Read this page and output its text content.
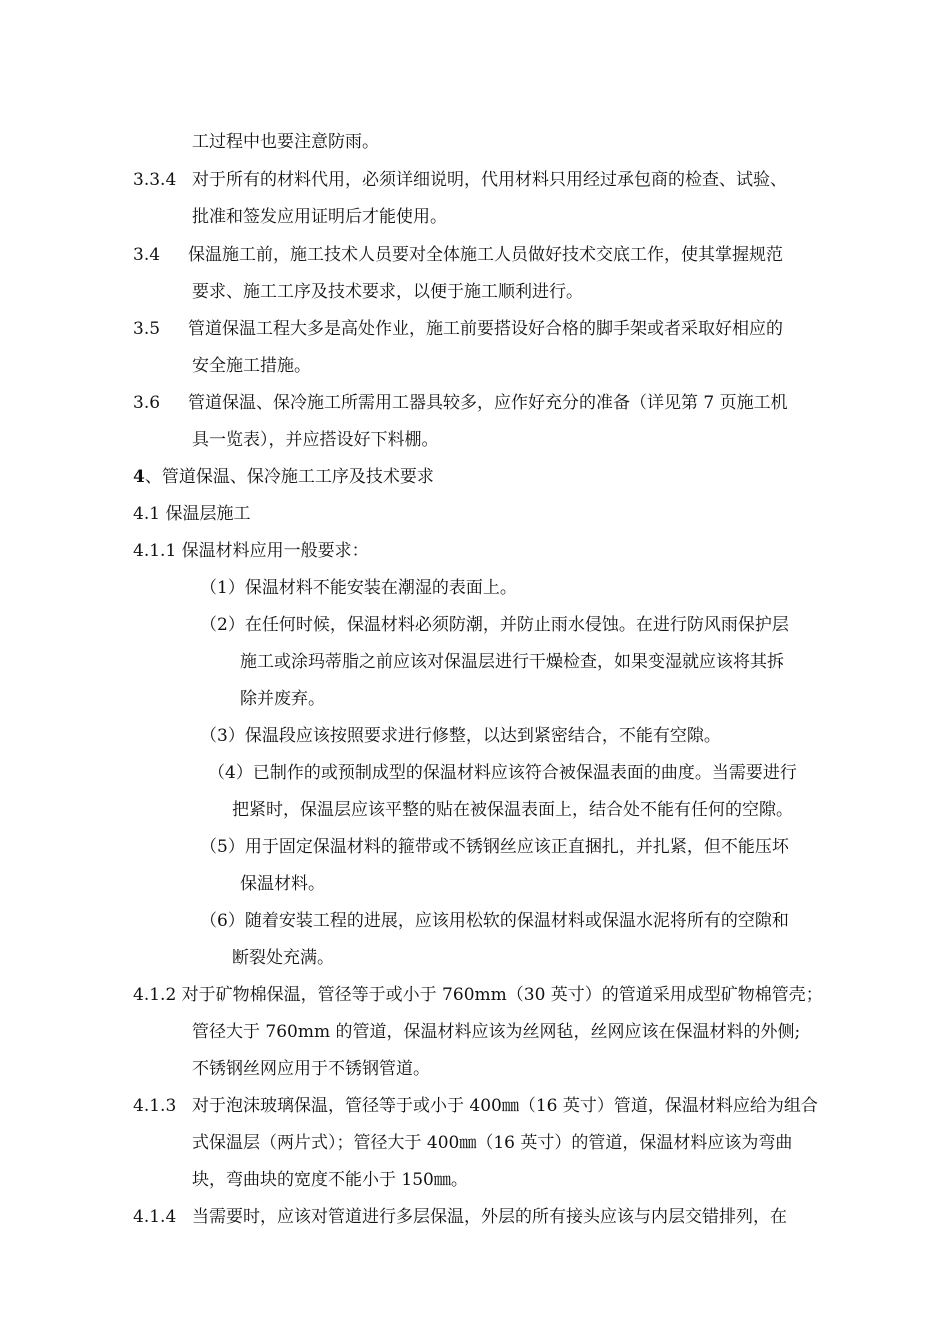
工过程中也要注意防雨。
3.3.4 对于所有的材料代用，必须详细说明，代用材料只用经过承包商的检查、试验、
批准和签发应用证明后才能使用。
3.4 保温施工前，施工技术人员要对全体施工人员做好技术交底工作，使其掌握规范
要求、施工工序及技术要求，以便于施工顺利进行。
3.5 管道保温工程大多是高处作业，施工前要搭设好合格的脚手架或者采取好相应的
安全施工措施。
3.6 管道保温、保冷施工所需用工器具较多，应作好充分的准备（详见第 7 页施工机
具一览表），并应搭设好下料棚。
4、管道保温、保冷施工工序及技术要求
4.1 保温层施工
4.1.1 保温材料应用一般要求：
（1）保温材料不能安装在潮湿的表面上。
（2）在任何时候，保温材料必须防潮，并防止雨水侵蚀。在进行防风雨保护层
施工或涂玛蒂脂之前应该对保温层进行干燥检查，如果变湿就应该将其拆
除并废弃。
（3）保温段应该按照要求进行修整，以达到紧密结合，不能有空隙。
（4）已制作的或预制成型的保温材料应该符合被保温表面的曲度。当需要进行
把紧时，保温层应该平整的贴在被保温表面上，结合处不能有任何的空隙。
（5）用于固定保温材料的箍带或不锈钢丝应该正直捆扎，并扎紧，但不能压坏
保温材料。
（6）随着安装工程的进展，应该用松软的保温材料或保温水泥将所有的空隙和
断裂处充满。
4.1.2 对于矿物棉保温，管径等于或小于 760mm（30 英寸）的管道采用成型矿物棉管壳；
管径大于 760mm 的管道，保温材料应该为丝网毡，丝网应该在保温材料的外侧;
不锈钢丝网应用于不锈钢管道。
4.1.3 对于泡沫玻璃保温，管径等于或小于 400㎜（16 英寸）管道，保温材料应给为组合
式保温层（两片式）；管径大于 400㎜（16 英寸）的管道，保温材料应该为弯曲
块，弯曲块的宽度不能小于 150㎜。
4.1.4 当需要时，应该对管道进行多层保温，外层的所有接头应该与内层交错排列，在
